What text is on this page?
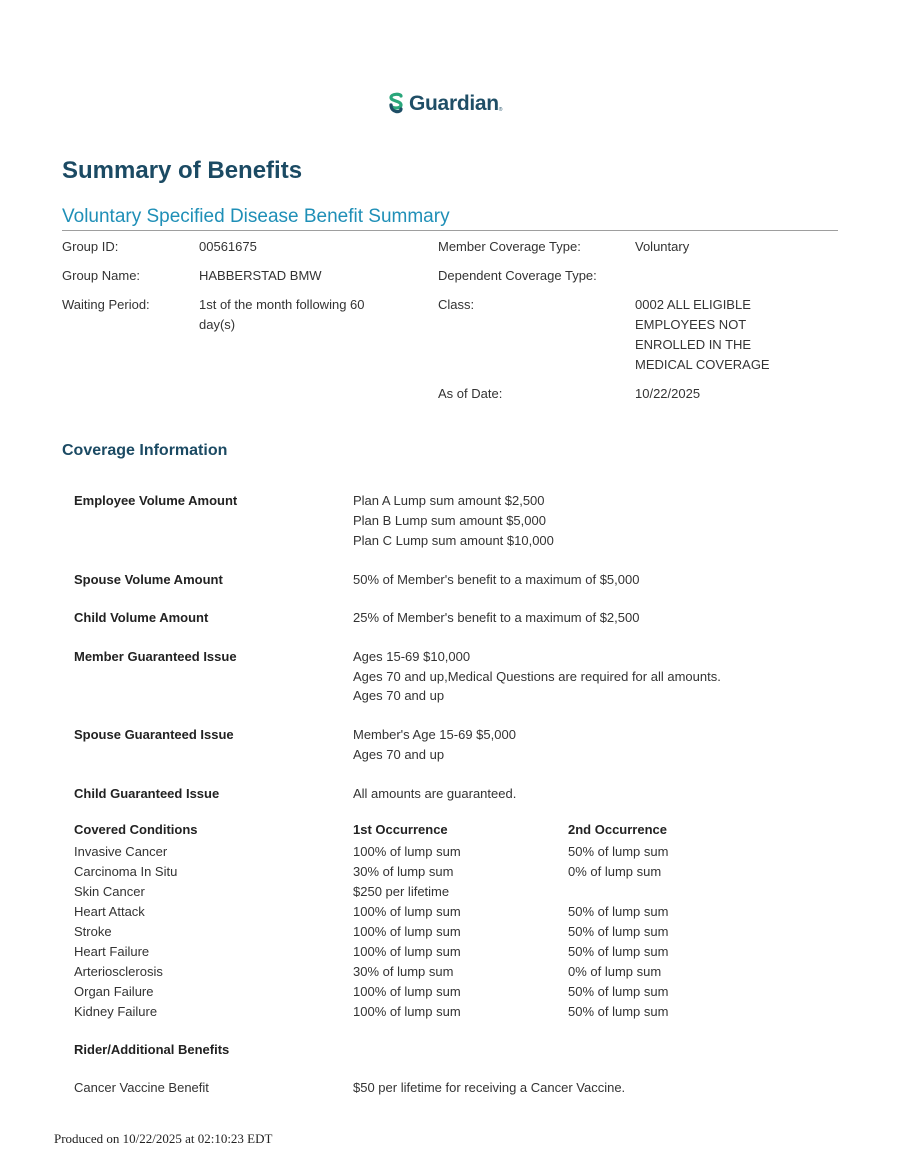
Guardian ®
Summary of Benefits
Voluntary Specified Disease Benefit Summary
Group ID:	00561675
Group Name:	HABBERSTAD BMW
Waiting Period:	1st of the month following 60
day(s)
Member Coverage Type:	Voluntary
Dependent Coverage Type:
Class:	0002 ALL ELIGIBLE
EMPLOYEES NOT
ENROLLED IN THE
MEDICAL COVERAGE
As of Date:	10/22/2025
Coverage Information
Employee Volume Amount	Plan A Lump sum amount $2,500
Plan B Lump sum amount $5,000
Plan C Lump sum amount $10,000
Spouse Volume Amount	50% of Member's benefit to a maximum of $5,000
Child Volume Amount	25% of Member's benefit to a maximum of $2,500
Member Guaranteed Issue	Ages 15-69 $10,000
Ages 70 and up,Medical Questions are required for all amounts.
Ages 70 and up
Spouse Guaranteed Issue	Member's Age 15-69 $5,000
Ages 70 and up
Child Guaranteed Issue	All amounts are guaranteed.
Covered Conditions	1st Occurrence	2nd Occurrence
Invasive Cancer	100% of lump sum	50% of lump sum
Carcinoma In Situ	30% of lump sum	0% of lump sum
Skin Cancer	$250 per lifetime
Heart Attack	100% of lump sum	50% of lump sum
Stroke	100% of lump sum	50% of lump sum
Heart Failure	100% of lump sum	50% of lump sum
Arteriosclerosis	30% of lump sum	0% of lump sum
Organ Failure	100% of lump sum	50% of lump sum
Kidney Failure	100% of lump sum	50% of lump sum
Rider/Additional Benefits
Cancer Vaccine Benefit	$50 per lifetime for receiving a Cancer Vaccine.
Produced on 10/22/2025 at 02:10:23 EDT
